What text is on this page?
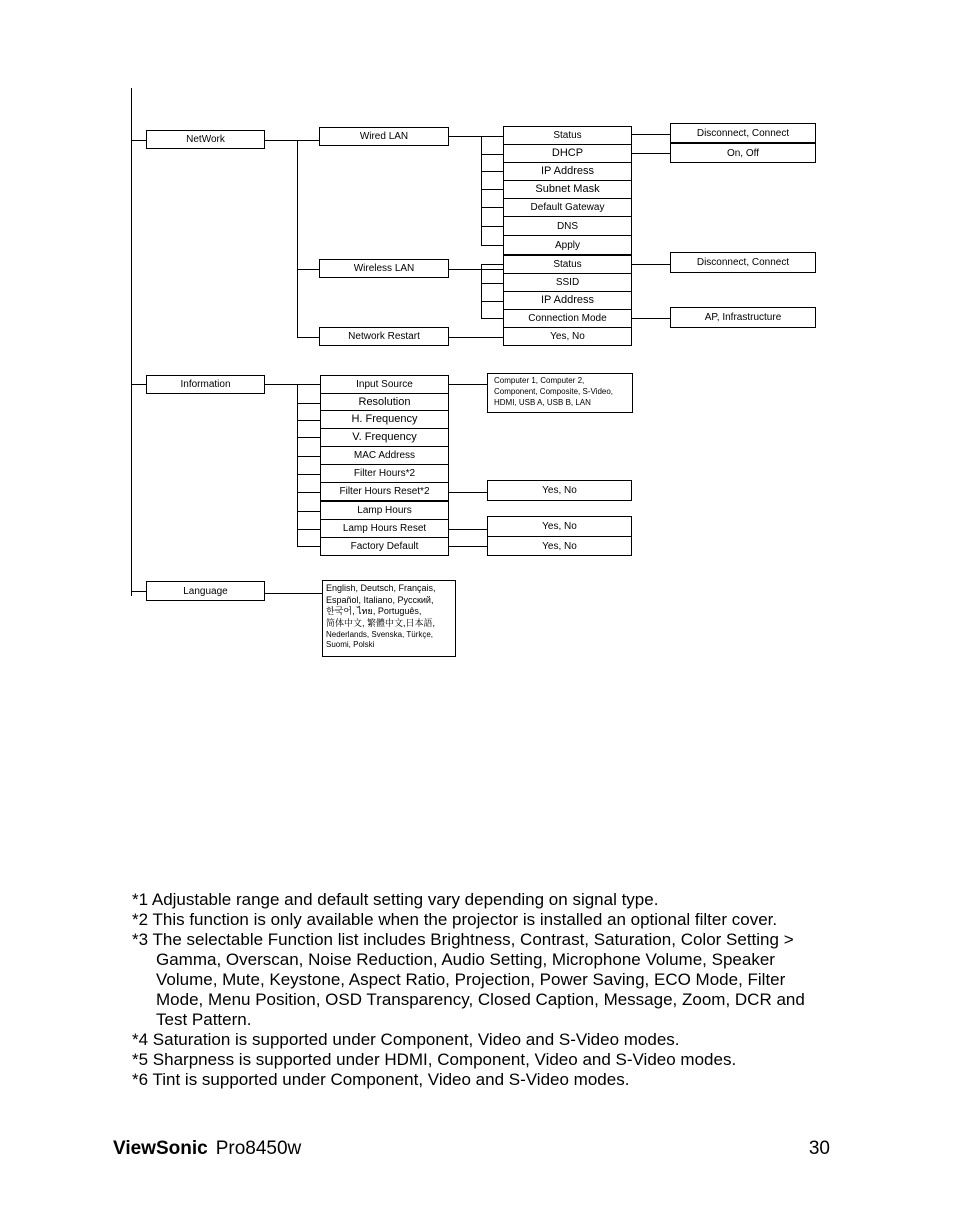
NetWork
Information
Language
Wired LAN
Wireless LAN
Network Restart
Status
DHCP
IP Address
Subnet Mask
Default Gateway
DNS
Apply
Disconnect, Connect
On, Off
Status
SSID
IP Address
Connection Mode
Yes, No
Disconnect, Connect
AP, Infrastructure
Input Source
Resolution
H. Frequency
V. Frequency
MAC Address
Filter Hours*2
Filter Hours Reset*2
Lamp Hours
Lamp Hours Reset
Factory Default
Computer 1, Computer 2,
Component, Composite, S-Video,
HDMI, USB A, USB B, LAN
Yes, No
Yes, No
Yes, No
English, Deutsch, Français,
Español, Italiano, Русский,
한국어, ไทย, Português,
简体中文, 繁體中文,日本語,
Nederlands, Svenska, Türkçe,
Suomi, Polski
*1 Adjustable range and default setting vary depending on signal type.
*2 This function is only available when the projector is installed an optional filter cover.
*3 The selectable Function list includes Brightness, Contrast, Saturation, Color Setting > Gamma, Overscan, Noise Reduction, Audio Setting, Microphone Volume, Speaker Volume, Mute, Keystone, Aspect Ratio, Projection, Power Saving, ECO Mode, Filter Mode, Menu Position, OSD Transparency, Closed Caption, Message, Zoom, DCR and Test Pattern.
*4 Saturation is supported under Component, Video and S-Video modes.
*5 Sharpness is supported under HDMI, Component, Video and S-Video modes.
*6 Tint is supported under Component, Video and S-Video modes.
ViewSonic Pro8450w	30
